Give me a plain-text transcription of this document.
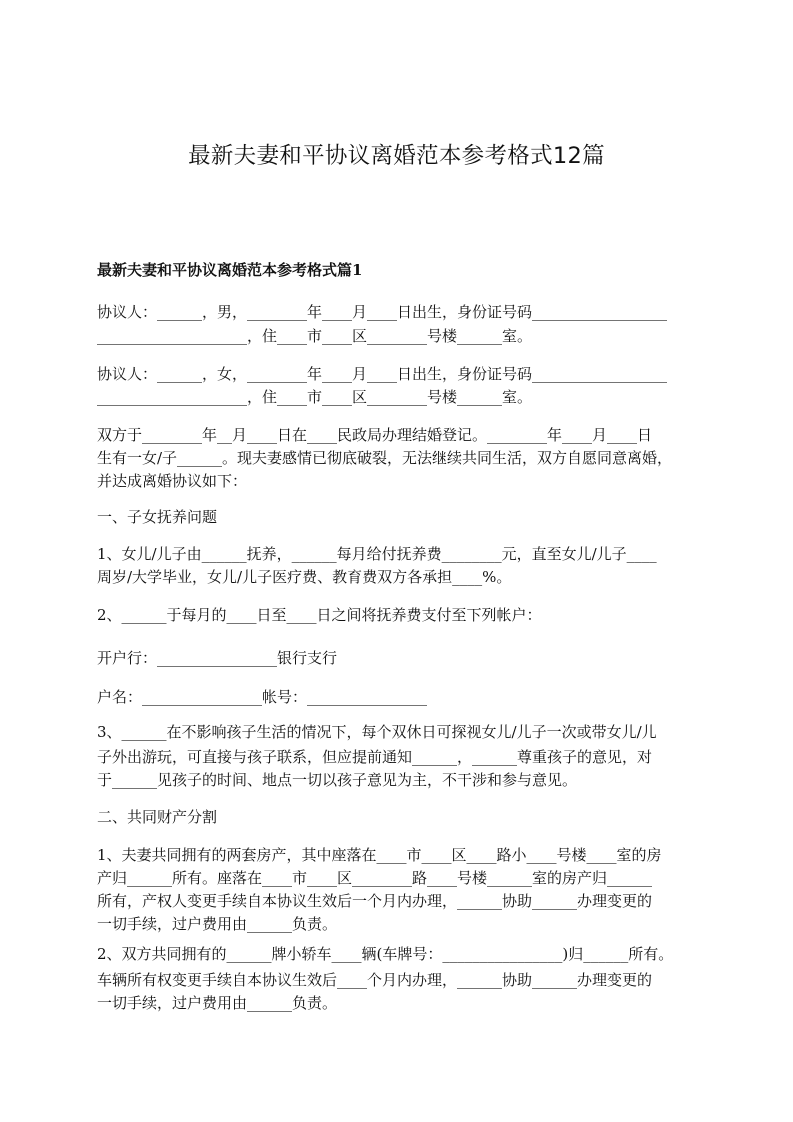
最新夫妻和平协议离婚范本参考格式12篇
最新夫妻和平协议离婚范本参考格式篇1
协议人：______，男，________年____月____日出生，身份证号码__________________
____________________，住____市____区________号楼______室。
协议人：______，女，________年____月____日出生，身份证号码__________________
____________________，住____市____区________号楼______室。
双方于________年__月____日在____民政局办理结婚登记。________年____月____日
生有一女/子______。现夫妻感情已彻底破裂，无法继续共同生活，双方自愿同意离婚，
并达成离婚协议如下：
一、子女抚养问题
1、女儿/儿子由______抚养，______每月给付抚养费________元，直至女儿/儿子____
周岁/大学毕业，女儿/儿子医疗费、教育费双方各承担____%。
2、______于每月的____日至____日之间将抚养费支付至下列帐户：
开户行：________________银行支行
户名：________________帐号：________________
3、______在不影响孩子生活的情况下，每个双休日可探视女儿/儿子一次或带女儿/儿
子外出游玩，可直接与孩子联系，但应提前通知______，______尊重孩子的意见，对
于______见孩子的时间、地点一切以孩子意见为主，不干涉和参与意见。
二、共同财产分割
1、夫妻共同拥有的两套房产，其中座落在____市____区____路小____号楼____室的房
产归______所有。座落在____市____区________路____号楼______室的房产归______
所有，产权人变更手续自本协议生效后一个月内办理，______协助______办理变更的
一切手续，过户费用由______负责。
2、双方共同拥有的______牌小轿车____辆(车牌号：________________)归______所有。
车辆所有权变更手续自本协议生效后____个月内办理，______协助______办理变更的
一切手续，过户费用由______负责。
